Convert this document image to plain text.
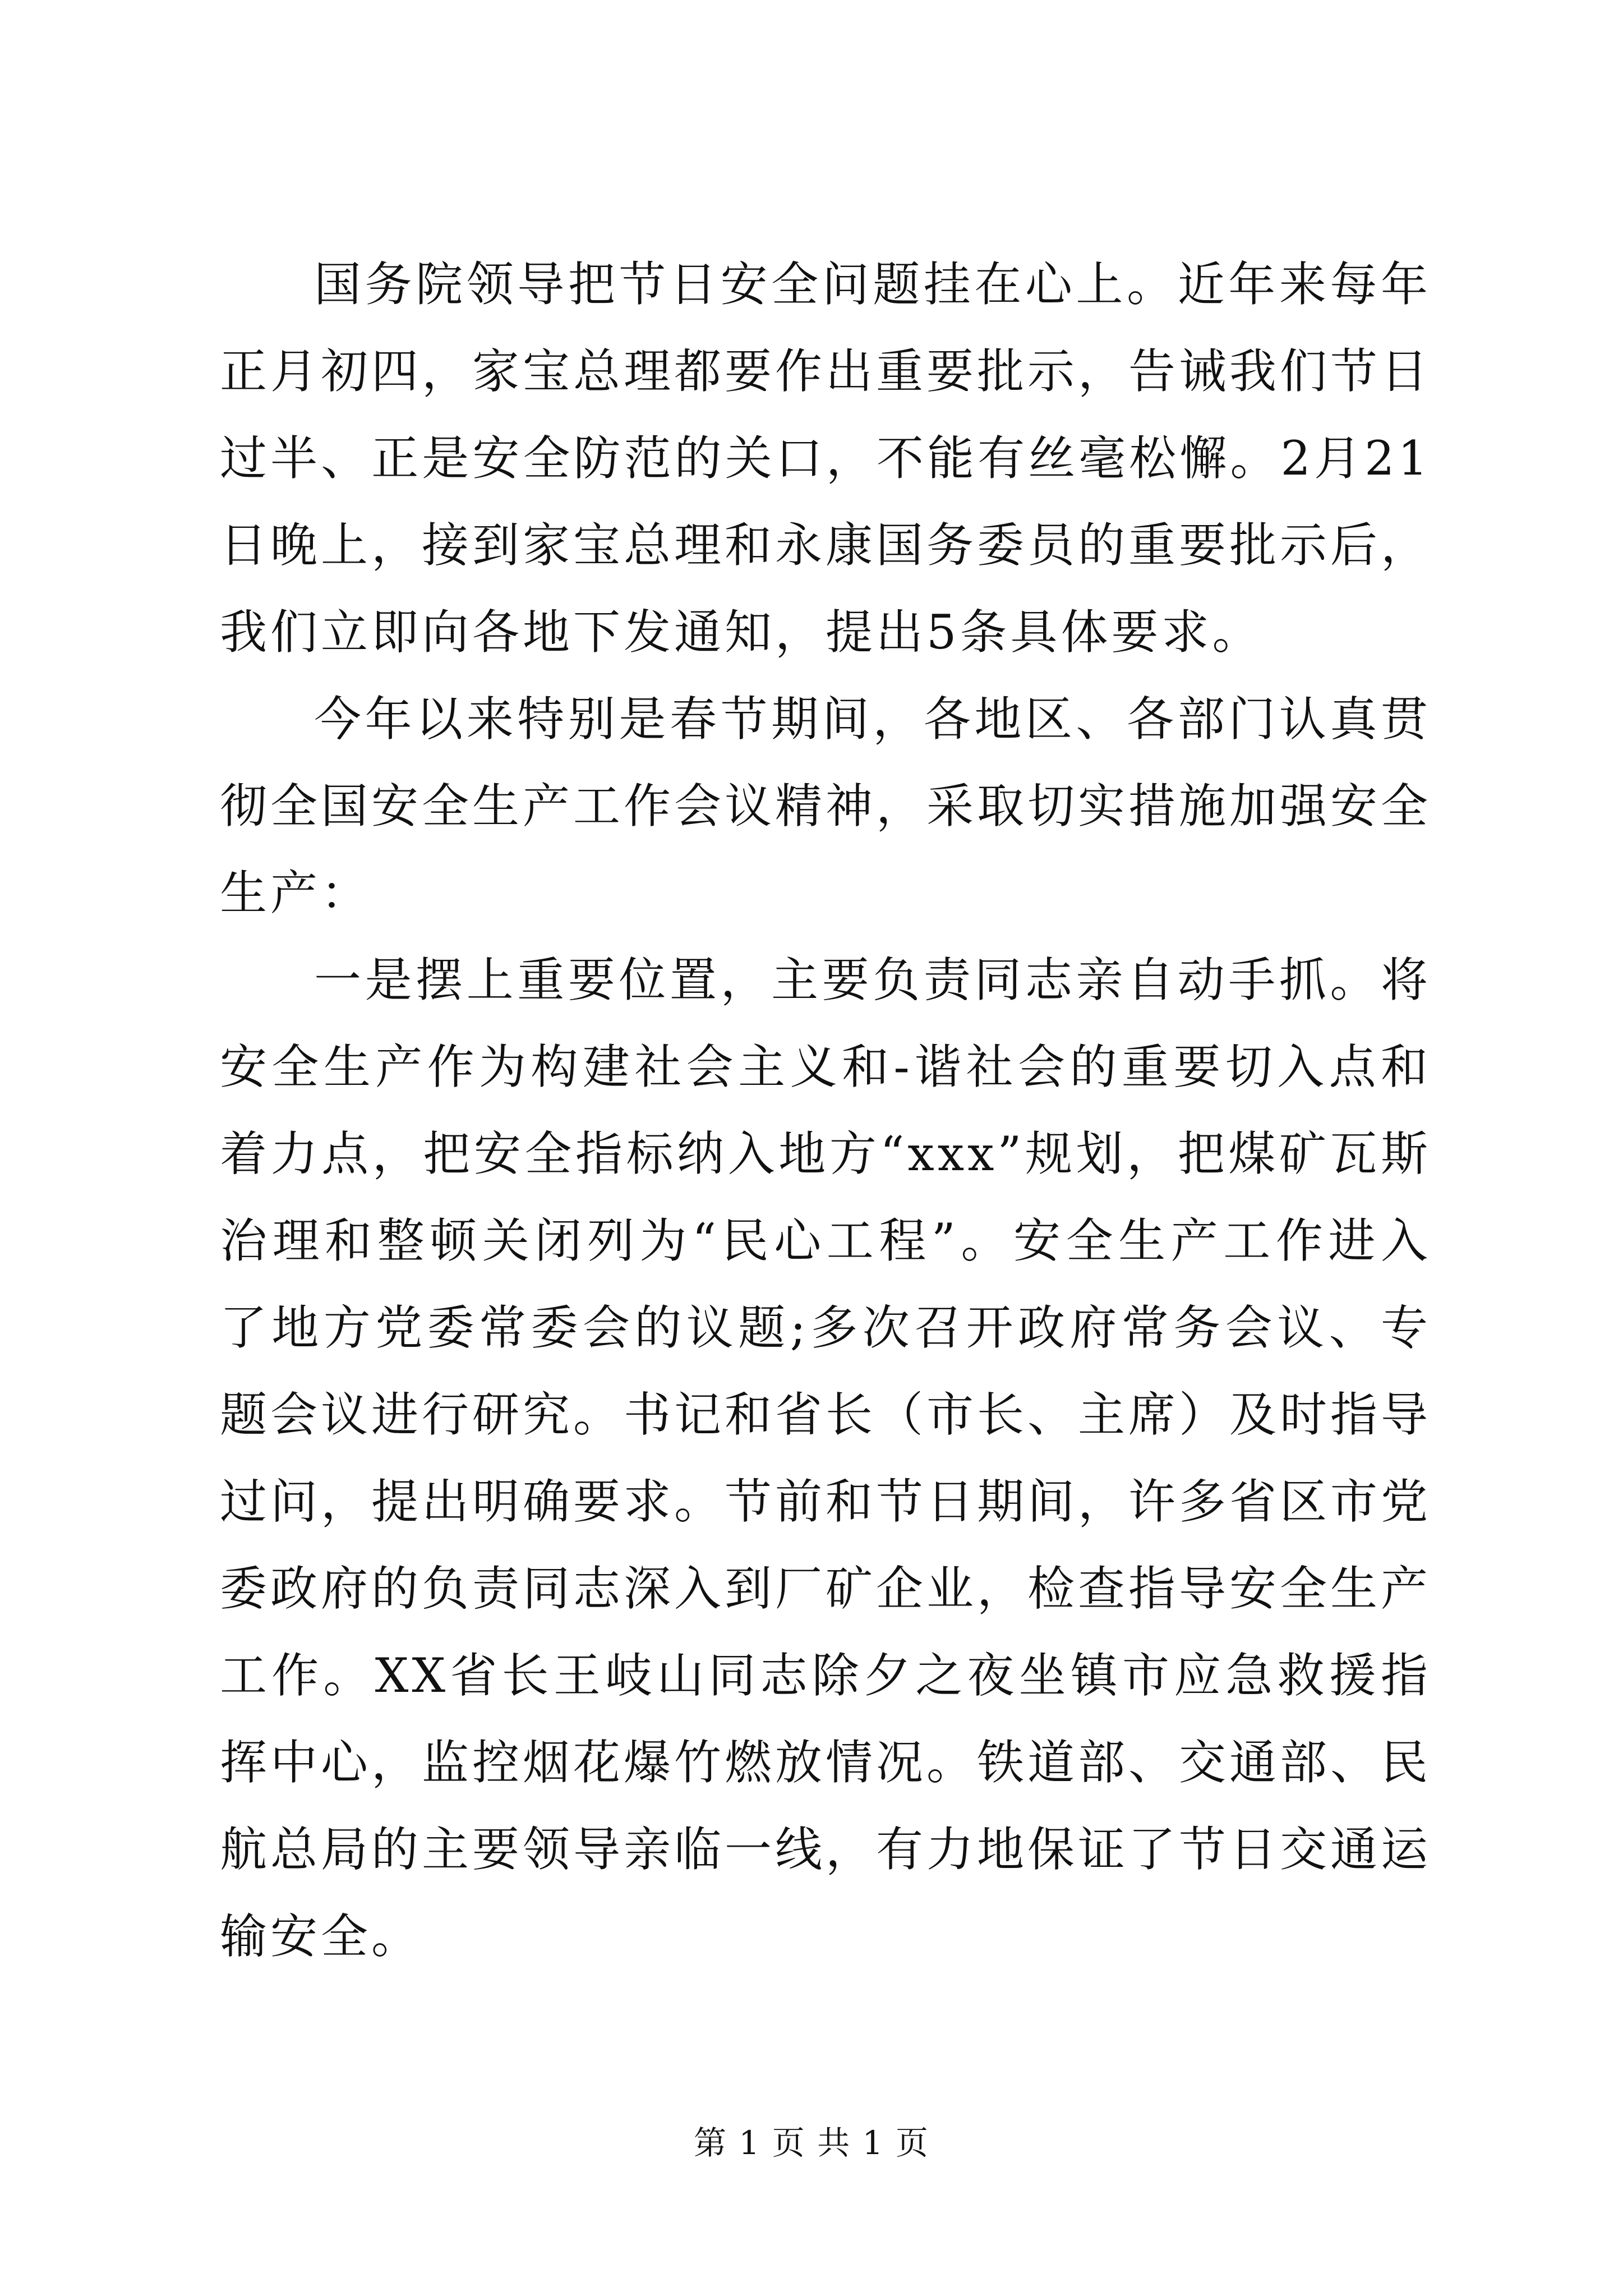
国务院领导把节日安全问题挂在心上。近年来每年正月初四，家宝总理都要作出重要批示，告诫我们节日过半、正是安全防范的关口，不能有丝毫松懈。2月21日晚上，接到家宝总理和永康国务委员的重要批示后，我们立即向各地下发通知，提出5条具体要求。

今年以来特别是春节期间，各地区、各部门认真贯彻全国安全生产工作会议精神，采取切实措施加强安全生产：

一是摆上重要位置，主要负责同志亲自动手抓。将安全生产作为构建社会主义和-谐社会的重要切入点和着力点，把安全指标纳入地方“xxx”规划，把煤矿瓦斯治理和整顿关闭列为“民心工程”。安全生产工作进入了地方党委常委会的议题;多次召开政府常务会议、专题会议进行研究。书记和省长（市长、主席）及时指导过问，提出明确要求。节前和节日期间，许多省区市党委政府的负责同志深入到厂矿企业，检查指导安全生产工作。XX省长王岐山同志除夕之夜坐镇市应急救援指挥中心，监控烟花爆竹燃放情况。铁道部、交通部、民航总局的主要领导亲临一线，有力地保证了节日交通运输安全。

第 1 页 共 1 页
